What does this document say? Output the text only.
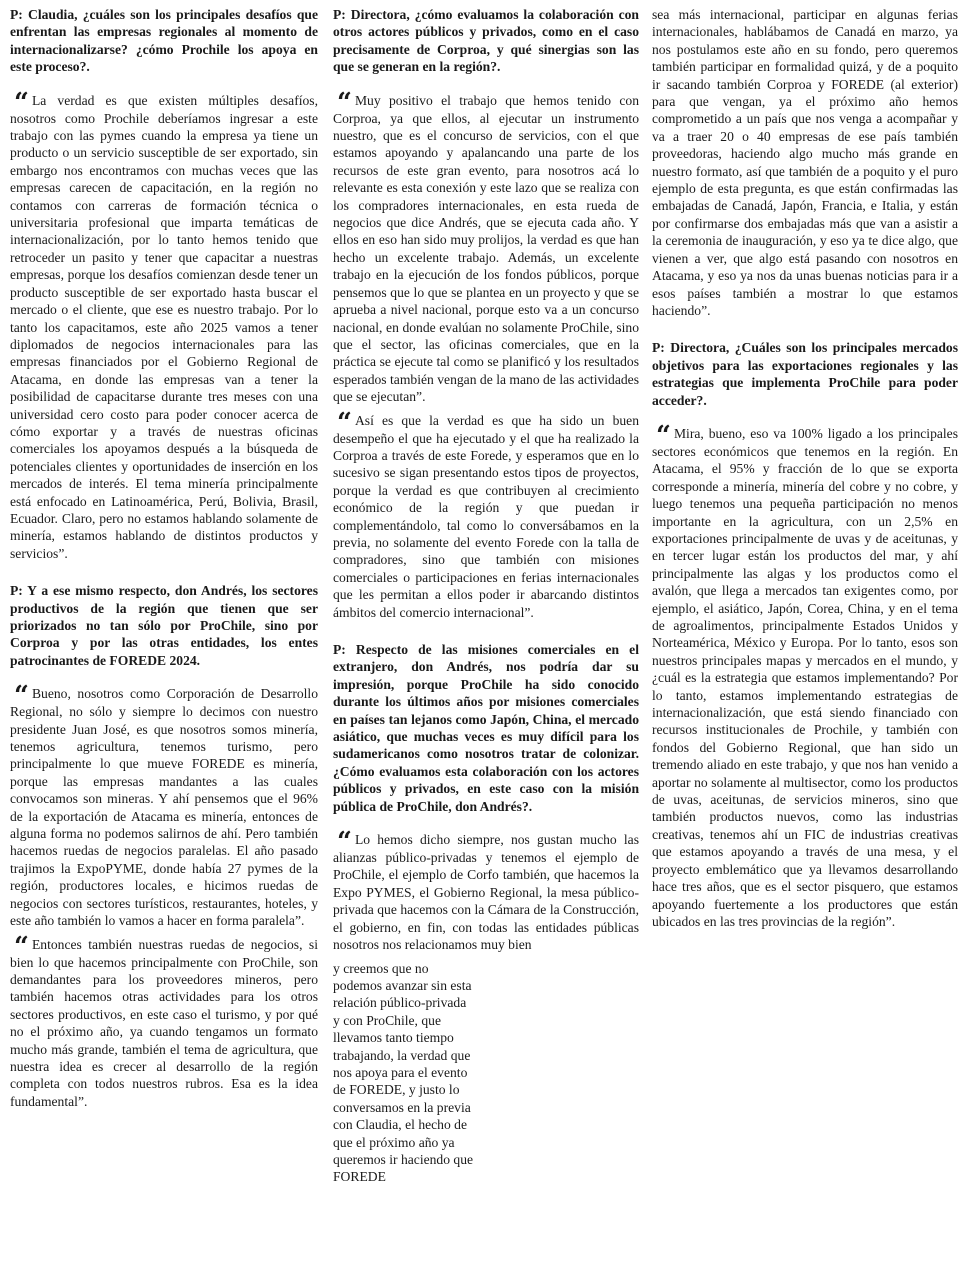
P: Claudia, ¿cuáles son los principales desafíos que enfrentan las empresas regionales al momento de internacionalizarse? ¿cómo Prochile los apoya en este proceso?.

“ La verdad es que existen múltiples desafíos, nosotros como Prochile deberíamos ingresar a este trabajo con las pymes cuando la empresa ya tiene un producto o un servicio susceptible de ser exportado, sin embargo nos encontramos con muchas veces que las empresas carecen de capacitación, en la región no contamos con carreras de formación técnica o universitaria profesional que imparta temáticas de internacionalización, por lo tanto hemos tenido que retroceder un pasito y tener que capacitar a nuestras empresas, porque los desafíos comienzan desde tener un producto susceptible de ser exportado hasta buscar el mercado o el cliente, que ese es nuestro trabajo. Por lo tanto los capacitamos, este año 2025 vamos a tener diplomados de negocios internacionales para las empresas financiados por el Gobierno Regional de Atacama, en donde las empresas van a tener la posibilidad de capacitarse durante tres meses con una universidad cero costo para poder conocer acerca de cómo exportar y a través de nuestras oficinas comerciales los apoyamos después a la búsqueda de potenciales clientes y oportunidades de inserción en los mercados de interés. El tema minería principalmente está enfocado en Latinoamérica, Perú, Bolivia, Brasil, Ecuador. Claro, pero no estamos hablando solamente de minería, estamos hablando de distintos productos y servicios”.

P: Y a ese mismo respecto, don Andrés, los sectores productivos de la región que tienen que ser priorizados no tan sólo por ProChile, sino por Corproa y por las otras entidades, los entes patrocinantes de FOREDE 2024.

“ Bueno, nosotros como Corporación de Desarrollo Regional, no sólo y siempre lo decimos con nuestro presidente Juan José, es que nosotros somos minería, tenemos agricultura, tenemos turismo, pero principalmente lo que mueve FOREDE es minería, porque las empresas mandantes a las cuales convocamos son mineras. Y ahí pensemos que el 96% de la exportación de Atacama es minería, entonces de alguna forma no podemos salirnos de ahí. Pero también hacemos ruedas de negocios paralelas. El año pasado trajimos la ExpoPYME, donde había 27 pymes de la región, productores locales, e hicimos ruedas de negocios con sectores turísticos, restaurantes, hoteles, y este año también lo vamos a hacer en forma paralela”.

“ Entonces también nuestras ruedas de negocios, si bien lo que hacemos principalmente con ProChile, son demandantes para los proveedores mineros, pero también hacemos otras actividades para los otros sectores productivos, en este caso el turismo, y por qué no el próximo año, ya cuando tengamos un formato mucho más grande, también el tema de agricultura, que nuestra idea es crecer al desarrollo de la región completa con todos nuestros rubros. Esa es la idea fundamental”.

P: Directora, ¿cómo evaluamos la colaboración con otros actores públicos y privados, como en el caso precisamente de Corproa, y qué sinergias son las que se generan en la región?.

“ Muy positivo el trabajo que hemos tenido con Corproa, ya que ellos, al ejecutar un instrumento nuestro, que es el concurso de servicios, con el que estamos apoyando y apalancando una parte de los recursos de este gran evento, para nosotros acá lo relevante es esta conexión y este lazo que se realiza con los compradores internacionales, en esta rueda de negocios que dice Andrés, que se ejecuta cada año. Y ellos en eso han sido muy prolijos, la verdad es que han hecho un excelente trabajo. Además, un excelente trabajo en la ejecución de los fondos públicos, porque pensemos que lo que se plantea en un proyecto y que se aprueba a nivel nacional, porque esto va a un concurso nacional, en donde evalúan no solamente ProChile, sino que el sector, las oficinas comerciales, que en la práctica se ejecute tal como se planificó y los resultados esperados también vengan de la mano de las actividades que se ejecutan”.

“ Así es que la verdad es que ha sido un buen desempeño el que ha ejecutado y el que ha realizado la Corproa a través de este Forede, y esperamos que en lo sucesivo se sigan presentando estos tipos de proyectos, porque la verdad es que contribuyen al crecimiento económico de la región y que puedan ir complementándolo, tal como lo conversábamos en la previa, no solamente del evento Forede con la talla de compradores, sino que también con misiones comerciales o participaciones en ferias internacionales que les permitan a ellos poder ir abarcando distintos ámbitos del comercio internacional”.

P: Respecto de las misiones comerciales en el extranjero, don Andrés, nos podría dar su impresión, porque ProChile ha sido conocido durante los últimos años por misiones comerciales en países tan lejanos como Japón, China, el mercado asiático, que muchas veces es muy difícil para los sudamericanos como nosotros tratar de colonizar. ¿Cómo evaluamos esta colaboración con los actores públicos y privados, en este caso con la misión pública de ProChile, don Andrés?.

“ Lo hemos dicho siempre, nos gustan mucho las alianzas público-privadas y tenemos el ejemplo de ProChile, el ejemplo de Corfo también, que hacemos la Expo PYMES, el Gobierno Regional, la mesa público-privada que hacemos con la Cámara de la Construcción, el gobierno, en fin, con todas las entidades públicas nosotros nos relacionamos muy bien

y creemos que no podemos avanzar sin esta relación público-privada y con ProChile, que llevamos tanto tiempo trabajando, la verdad que nos apoya para el evento de FOREDE, y justo lo conversamos en la previa con Claudia, el hecho de que el próximo año ya queremos ir haciendo que FOREDE

sea más internacional, participar en algunas ferias internacionales, hablábamos de Canadá en marzo, ya nos postulamos este año en su fondo, pero queremos también participar en formalidad quizá, y de a poquito ir sacando también Corproa y FOREDE (al exterior) para que vengan, ya el próximo año hemos comprometido a un país que nos venga a acompañar y va a traer 20 o 40 empresas de ese país también proveedoras, haciendo algo mucho más grande en nuestro formato, así que también de a poquito y el puro ejemplo de esta pregunta, es que están confirmadas las embajadas de Canadá, Japón, Francia, e Italia, y están por confirmarse dos embajadas más que van a asistir a la ceremonia de inauguración, y eso ya te dice algo, que vienen a ver, que algo está pasando con nosotros en Atacama, y eso ya nos da unas buenas noticias para ir a esos países también a mostrar lo que estamos haciendo”.

P: Directora, ¿Cuáles son los principales mercados objetivos para las exportaciones regionales y las estrategias que implementa ProChile para poder acceder?.

“ Mira, bueno, eso va 100% ligado a los principales sectores económicos que tenemos en la región. En Atacama, el 95% y fracción de lo que se exporta corresponde a minería, minería del cobre y no cobre, y luego tenemos una pequeña participación no menos importante en la agricultura, con un 2,5% en exportaciones principalmente de uvas y de aceitunas, y en tercer lugar están los productos del mar, y ahí principalmente las algas y los productos como el avalón, que llega a mercados tan exigentes como, por ejemplo, el asiático, Japón, Corea, China, y en el tema de agroalimentos, principalmente Estados Unidos y Norteamérica, México y Europa. Por lo tanto, esos son nuestros principales mapas y mercados en el mundo, y ¿cuál es la estrategia que estamos implementando? Por lo tanto, estamos implementando estrategias de internacionalización, que está siendo financiado con recursos institucionales de Prochile, y también con fondos del Gobierno Regional, que han sido un tremendo aliado en este trabajo, y que nos han venido a aportar no solamente al multisector, como los productos de uvas, aceitunas, de servicios mineros, sino que también productos nuevos, como las industrias creativas, tenemos ahí un FIC de industrias creativas que estamos apoyando a través de una mesa, y el proyecto emblemático que ya llevamos desarrollando hace tres años, que es el sector pisquero, que estamos apoyando fuertemente a los productores que están ubicados en las tres provincias de la región”.
